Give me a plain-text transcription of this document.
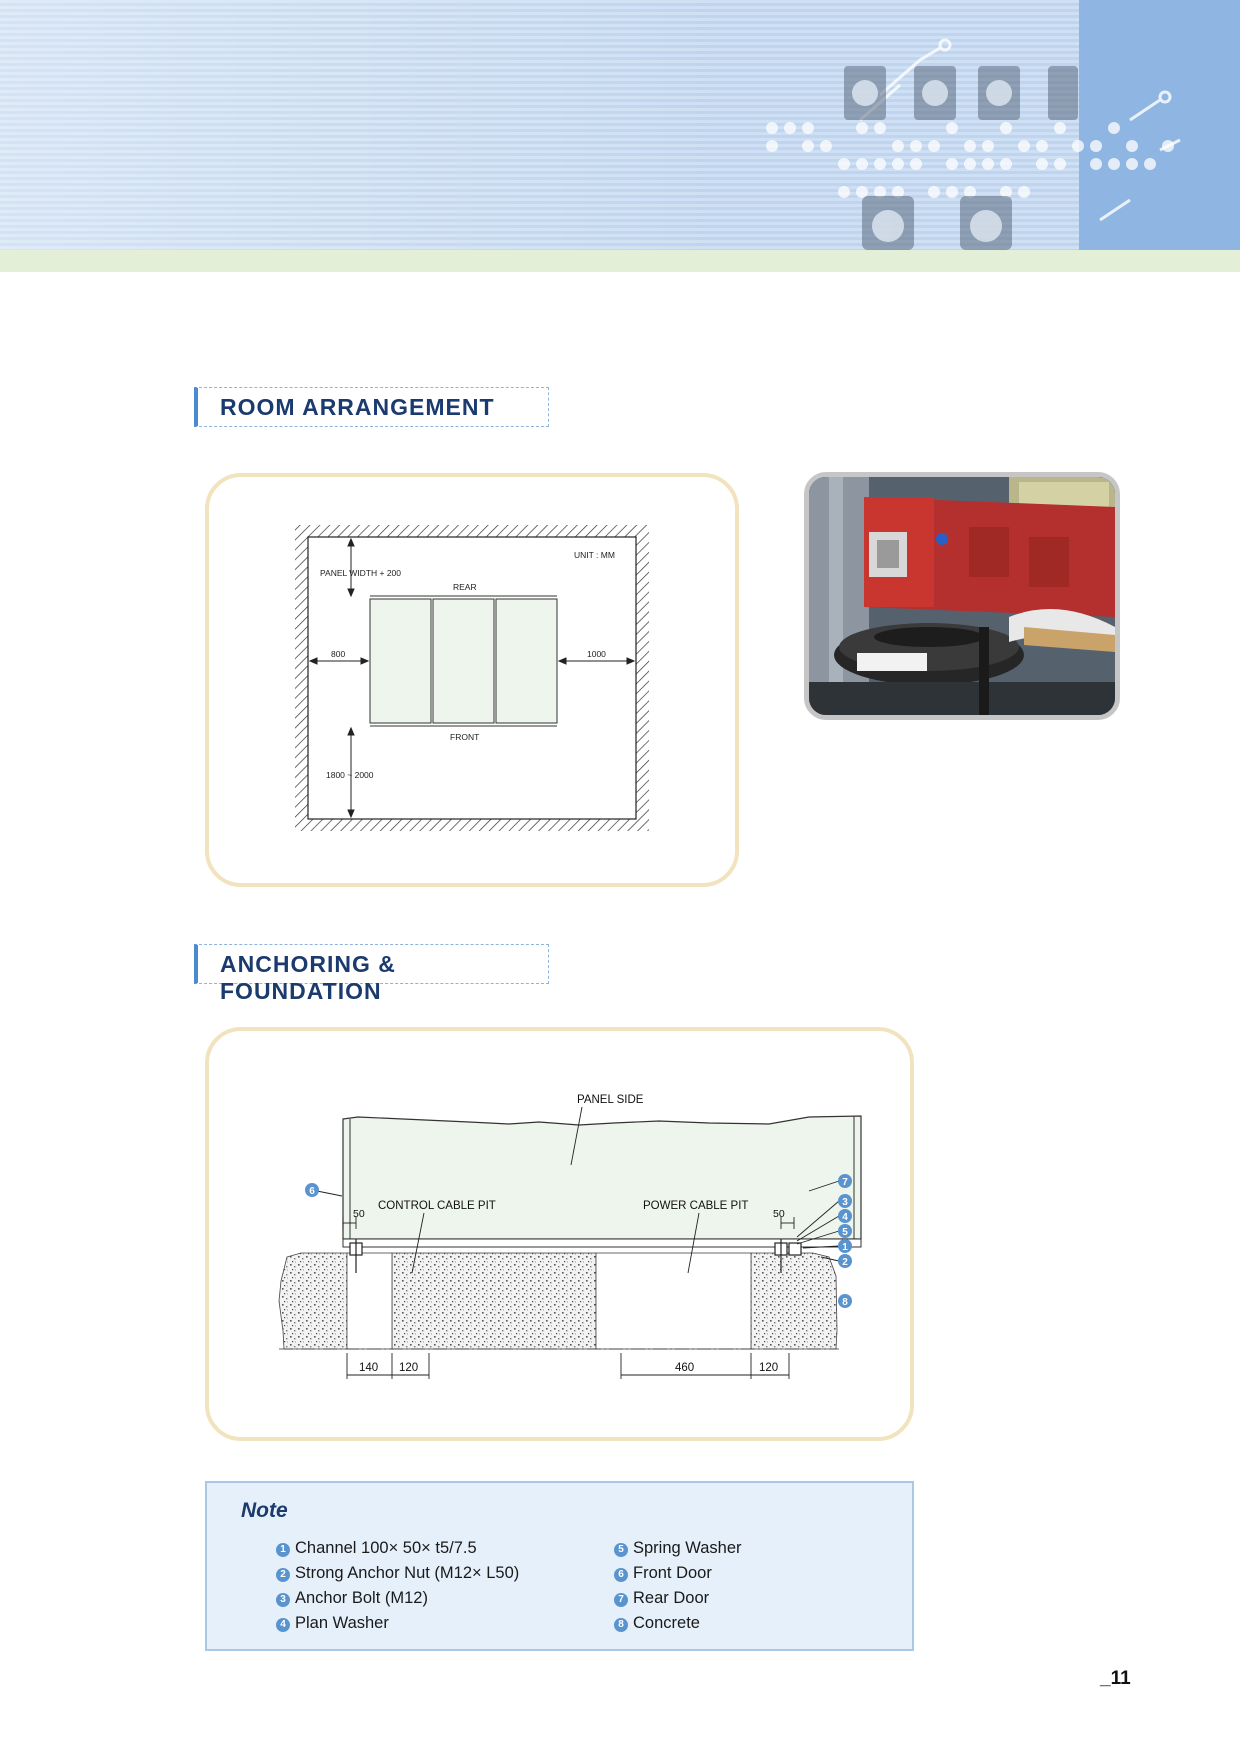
ROOM ARRANGEMENT
UNIT : MM
PANEL WIDTH + 200
REAR
FRONT
800	1000
1800 ~ 2000
ANCHORING & FOUNDATION
PANEL SIDE
CONTROL CABLE PIT	POWER CABLE PIT
50	50
140 120	460	120
6
7
3
4
5
1
2
8
Note
1 Channel 100× 50× t5/7.5
2 Strong Anchor Nut (M12× L50)
3 Anchor Bolt (M12)
4 Plan Washer
5 Spring Washer
6 Front Door
7 Rear Door
8 Concrete
_11
